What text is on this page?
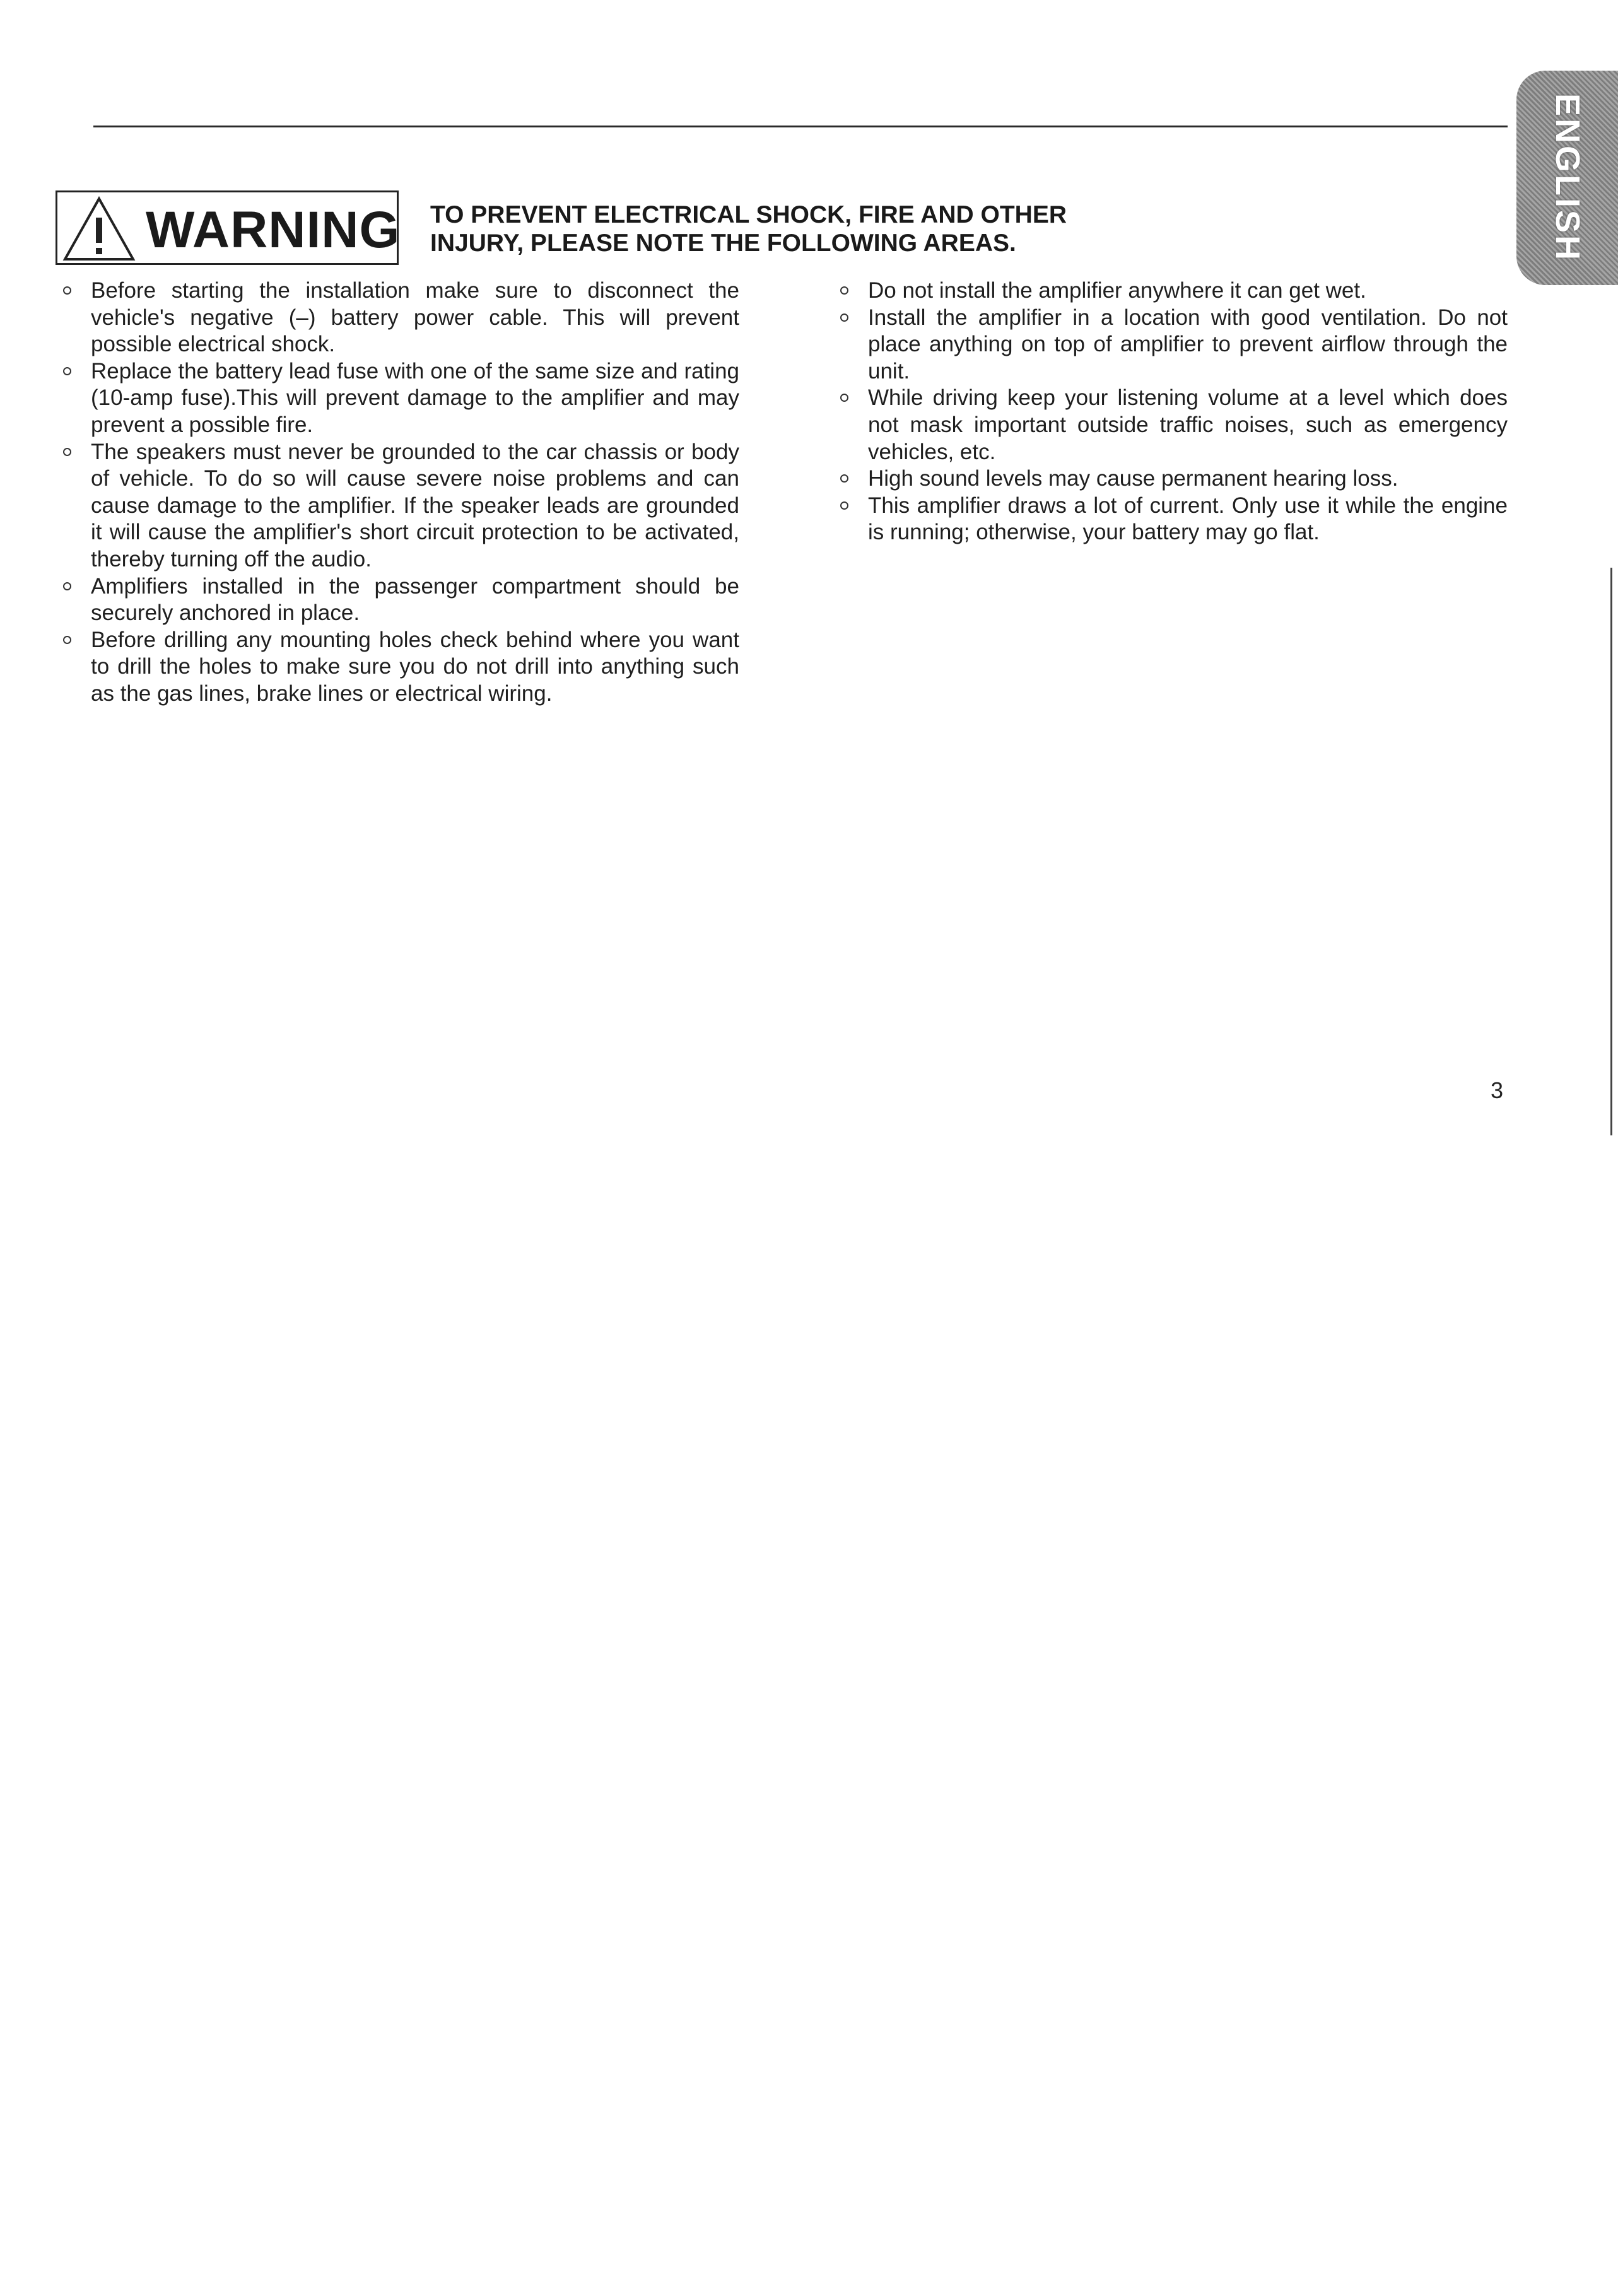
ENGLISH
WARNING TO PREVENT ELECTRICAL SHOCK, FIRE AND OTHER
INJURY, PLEASE NOTE THE FOLLOWING AREAS.
Before starting the installation make sure to disconnect the vehicle's negative (–) battery power cable. This will prevent possible electrical shock.
Replace the battery lead fuse with one of the same size and rating (10-amp fuse).This will prevent damage to the amplifier and may prevent a possible fire.
The speakers must never be grounded to the car chassis or body of vehicle. To do so will cause severe noise problems and can cause damage to the amplifier. If the speaker leads are grounded it will cause the amplifier's short circuit protection to be activated, thereby turning off the audio.
Amplifiers installed in the passenger compartment should be securely anchored in place.
Before drilling any mounting holes check behind where you want to drill the holes to make sure you do not drill into anything such as the gas lines, brake lines or electrical wiring.
Do not install the amplifier anywhere it can get wet.
Install the amplifier in a location with good ventilation. Do not place anything on top of amplifier to prevent airflow through the unit.
While driving keep your listening volume at a level which does not mask important outside traffic noises, such as emergency vehicles, etc.
High sound levels may cause permanent hearing loss.
This amplifier draws a lot of current. Only use it while the engine is running; otherwise, your battery may go flat.
3
